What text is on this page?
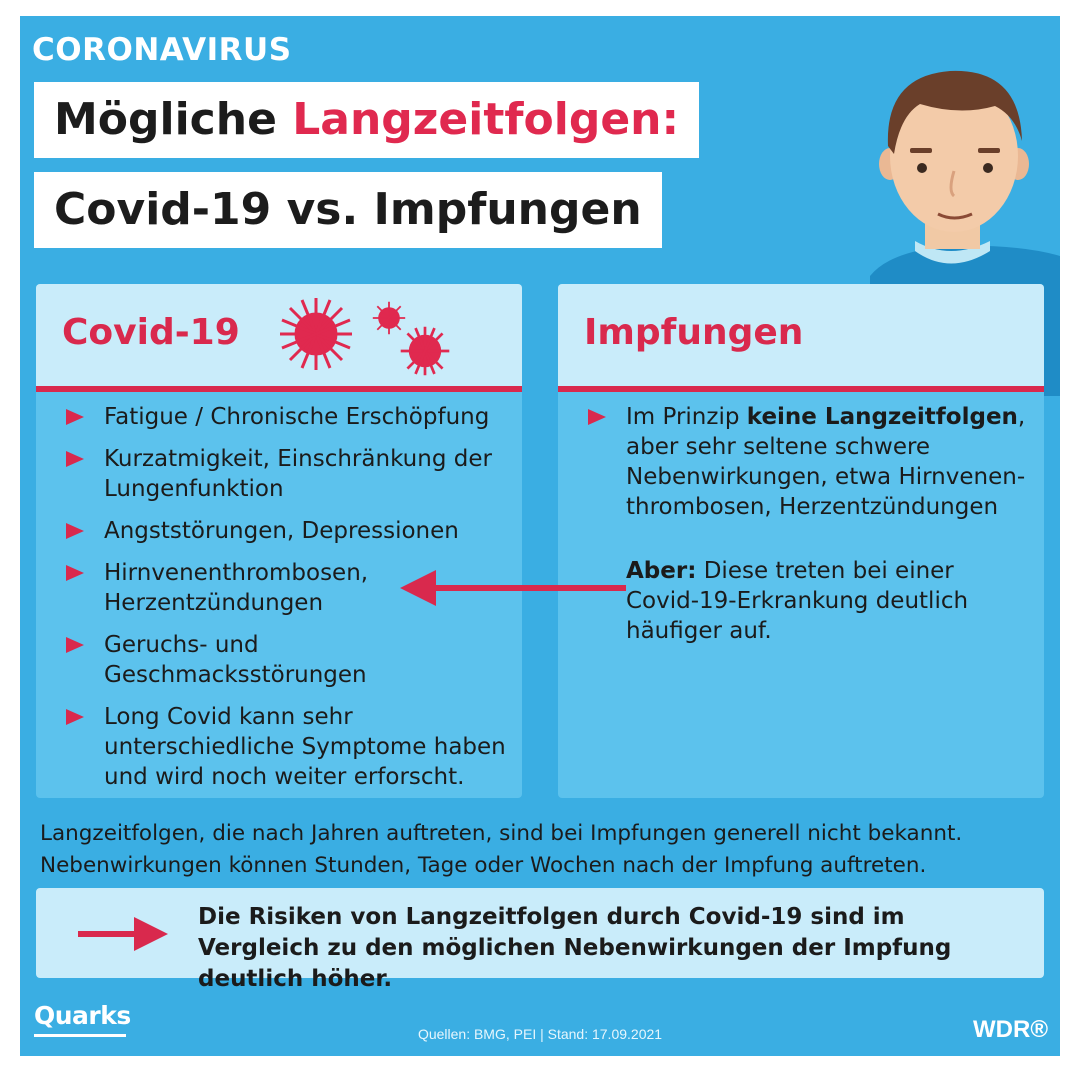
CORONAVIRUS
Mögliche Langzeitfolgen:
Covid-19 vs. Impfungen
Covid-19
Fatigue / Chronische Erschöpfung
Kurzatmigkeit, Einschränkung der Lungenfunktion
Angststörungen, Depressionen
Hirnvenenthrombosen, Herzentzündungen
Geruchs- und Geschmacksstörungen
Long Covid kann sehr unterschiedliche Symptome haben und wird noch weiter erforscht.
Impfungen
Im Prinzip keine Langzeitfolgen, aber sehr seltene schwere Nebenwirkungen, etwa Hirnvenenthrombosen, Herzentzündungen
Aber: Diese treten bei einer Covid-19-Erkrankung deutlich häufiger auf.
Langzeitfolgen, die nach Jahren auftreten, sind bei Impfungen generell nicht bekannt. Nebenwirkungen können Stunden, Tage oder Wochen nach der Impfung auftreten.
Die Risiken von Langzeitfolgen durch Covid-19 sind im Vergleich zu den möglichen Nebenwirkungen der Impfung deutlich höher.
Quarks
Quellen: BMG, PEI | Stand: 17.09.2021	WDR®
